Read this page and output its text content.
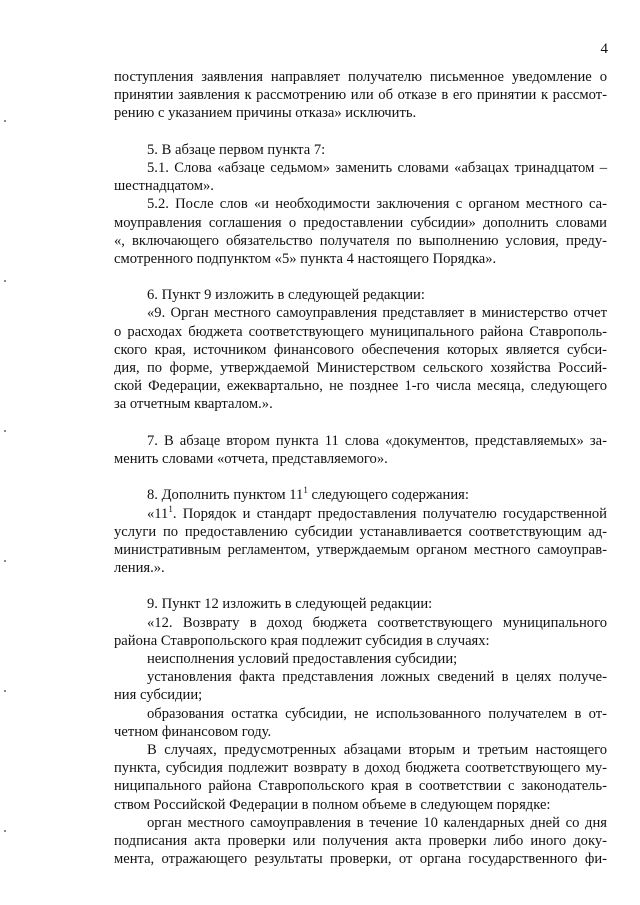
4
поступления заявления направляет получателю письменное уведомление о
принятии заявления к рассмотрению или об отказе в его принятии к рассмот-
рению с указанием причины отказа» исключить.
5. В абзаце первом пункта 7:
5.1. Слова «абзаце седьмом» заменить словами «абзацах тринадцатом –
шестнадцатом».
5.2. После слов «и необходимости заключения с органом местного са-
моуправления соглашения о предоставлении субсидии» дополнить словами
«, включающего обязательство получателя по выполнению условия, преду-
смотренного подпунктом «5» пункта 4 настоящего Порядка».
6. Пункт 9 изложить в следующей редакции:
«9. Орган местного самоуправления представляет в министерство отчет
о расходах бюджета соответствующего муниципального района Ставрополь-
ского края, источником финансового обеспечения которых является субси-
дия, по форме, утверждаемой Министерством сельского хозяйства Россий-
ской Федерации, ежеквартально, не позднее 1-го числа месяца, следующего
за отчетным кварталом.».
7. В абзаце втором пункта 11 слова «документов, представляемых» за-
менить словами «отчета, представляемого».
8. Дополнить пунктом $11^1$ следующего содержания:
«$11^1$. Порядок и стандарт предоставления получателю государственной
услуги по предоставлению субсидии устанавливается соответствующим ад-
министративным регламентом, утверждаемым органом местного самоуправ-
ления.».
9. Пункт 12 изложить в следующей редакции:
«12. Возврату в доход бюджета соответствующего муниципального
района Ставропольского края подлежит субсидия в случаях:
неисполнения условий предоставления субсидии;
установления факта представления ложных сведений в целях получе-
ния субсидии;
образования остатка субсидии, не использованного получателем в от-
четном финансовом году.
В случаях, предусмотренных абзацами вторым и третьим настоящего
пункта, субсидия подлежит возврату в доход бюджета соответствующего му-
ниципального района Ставропольского края в соответствии с законодатель-
ством Российской Федерации в полном объеме в следующем порядке:
орган местного самоуправления в течение 10 календарных дней со дня
подписания акта проверки или получения акта проверки либо иного доку-
мента, отражающего результаты проверки, от органа государственного фи-
